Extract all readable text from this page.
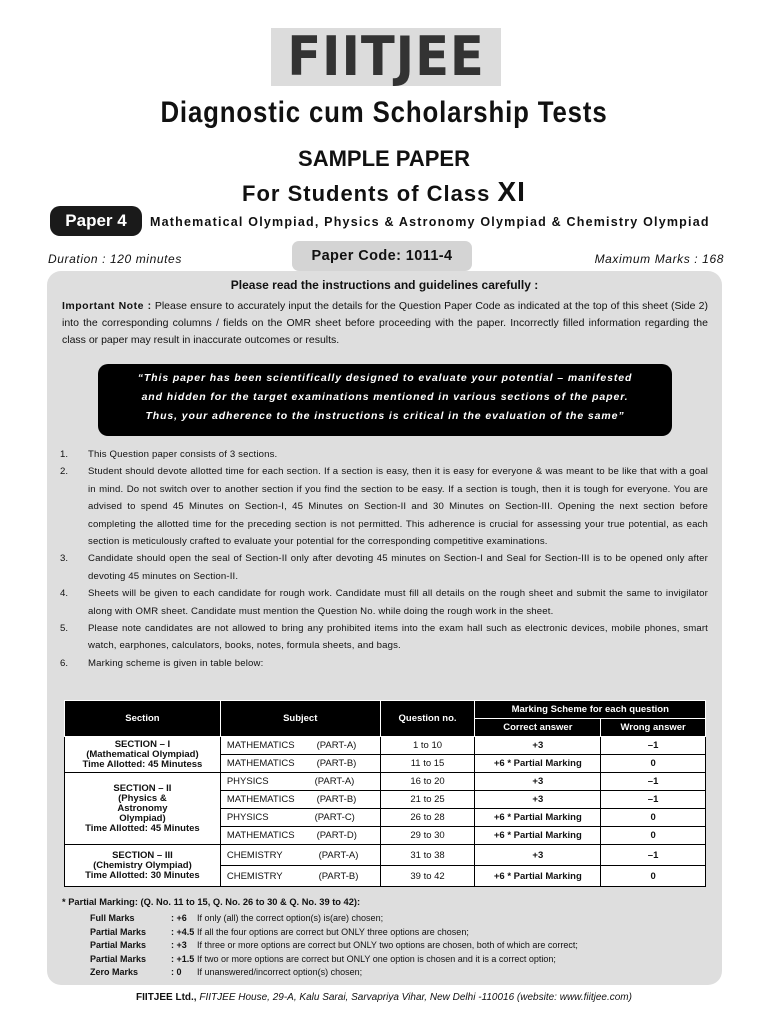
FIITJEE
Diagnostic cum Scholarship Tests
SAMPLE PAPER
For Students of Class XI
Paper 4	Mathematical Olympiad, Physics & Astronomy Olympiad & Chemistry Olympiad
Duration : 120 minutes	Paper Code: 1011-4	Maximum Marks : 168
Please read the instructions and guidelines carefully :
Important Note : Please ensure to accurately input the details for the Question Paper Code as indicated at the top of this sheet (Side 2) into the corresponding columns / fields on the OMR sheet before proceeding with the paper. Incorrectly filled information regarding the class or paper may result in inaccurate outcomes or results.
“This paper has been scientifically designed to evaluate your potential – manifested
and hidden for the target examinations mentioned in various sections of the paper.
Thus, your adherence to the instructions is critical in the evaluation of the same”
1.	This Question paper consists of 3 sections.
2.	Student should devote allotted time for each section. If a section is easy, then it is easy for everyone & was meant to be like that with a goal in mind. Do not switch over to another section if you find the section to be easy. If a section is tough, then it is tough for everyone. You are advised to spend 45 Minutes on Section-I, 45 Minutes on Section-II and 30 Minutes on Section-III. Opening the next section before completing the allotted time for the preceding section is not permitted. This adherence is crucial for assessing your true potential, as each section is meticulously crafted to evaluate your potential for the corresponding competitive examinations.
3.	Candidate should open the seal of Section-II only after devoting 45 minutes on Section-I and Seal for Section-III is to be opened only after devoting 45 minutes on Section-II.
4.	Sheets will be given to each candidate for rough work. Candidate must fill all details on the rough sheet and submit the same to invigilator along with OMR sheet. Candidate must mention the Question No. while doing the rough work in the sheet.
5.	Please note candidates are not allowed to bring any prohibited items into the exam hall such as electronic devices, mobile phones, smart watch, earphones, calculators, books, notes, formula sheets, and bags.
6.	Marking scheme is given in table below:
Section	Subject	Question no.	Marking Scheme for each question	
			Correct answer	Wrong answer

SECTION – I
(Mathematical Olympiad)
Time Allotted: 45 Minutess	MATHEMATICS (PART-A)	1 to 10	+3	–1
	MATHEMATICS (PART-B)	11 to 15	+6 * Partial Marking	0

SECTION – II
(Physics & Astronomy Olympiad)
Time Allotted: 45 Minutes	PHYSICS (PART-A)	16 to 20	+3	–1
	MATHEMATICS (PART-B)	21 to 25	+3	–1
	PHYSICS (PART-C)	26 to 28	+6 * Partial Marking	0
	MATHEMATICS (PART-D)	29 to 30	+6 * Partial Marking	0

SECTION – III
(Chemistry Olympiad)
Time Allotted: 30 Minutes	CHEMISTRY (PART-A)	31 to 38	+3	–1
	CHEMISTRY (PART-B)	39 to 42	+6 * Partial Marking	0
* Partial Marking: (Q. No. 11 to 15, Q. No. 26 to 30 & Q. No. 39 to 42):
Full Marks	: +6	If only (all) the correct option(s) is(are) chosen;
Partial Marks	: +4.5 If all the four options are correct but ONLY three options are chosen;
Partial Marks	: +3	If three or more options are correct but ONLY two options are chosen, both of which are correct;
Partial Marks	: +1.5 If two or more options are correct but ONLY one option is chosen and it is a correct option;
Zero Marks	: 0	If unanswered/incorrect option(s) chosen;
FIITJEE Ltd., FIITJEE House, 29-A, Kalu Sarai, Sarvapriya Vihar, New Delhi -110016 (website: www.fiitjee.com)
